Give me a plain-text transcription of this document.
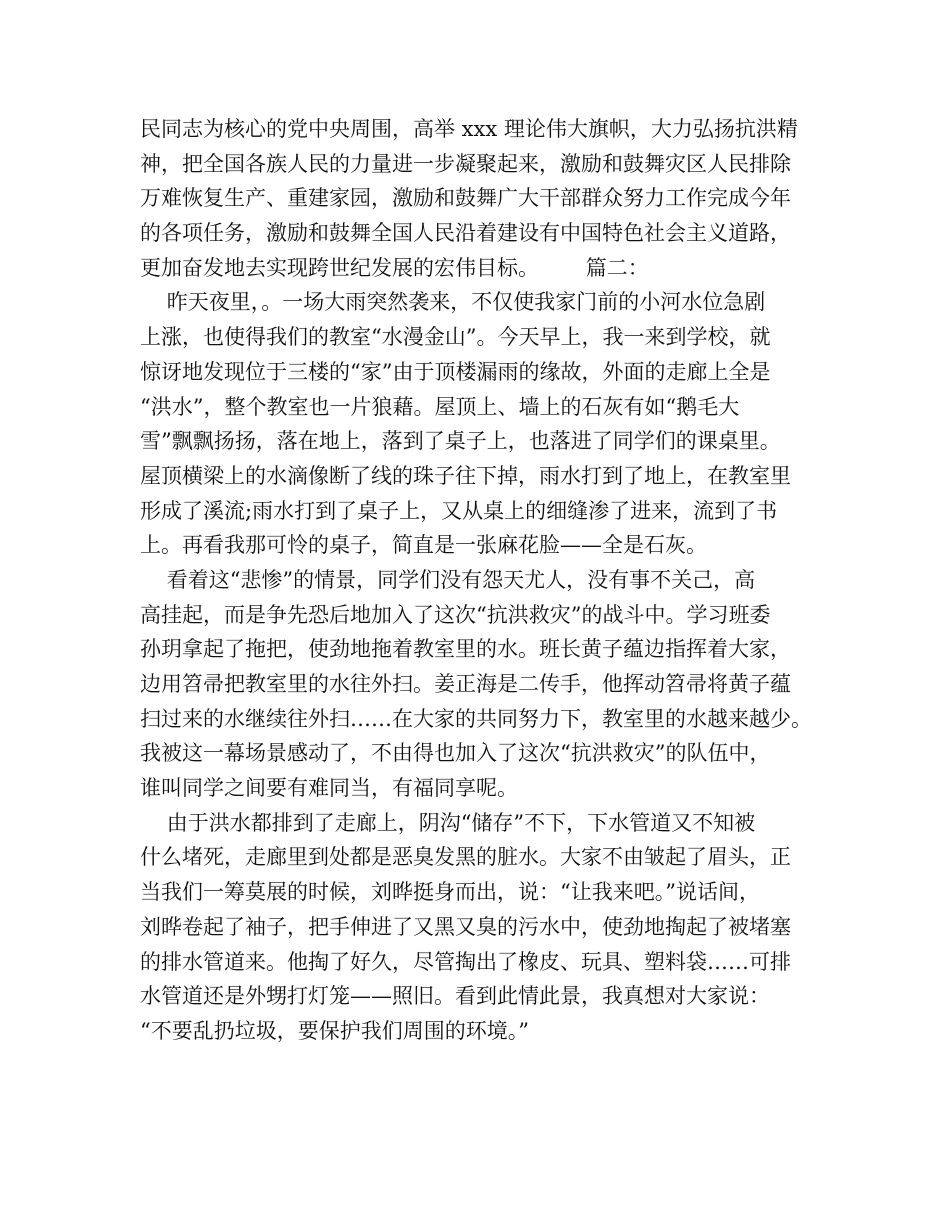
民同志为核心的党中央周围，高举 xxx 理论伟大旗帜，大力弘扬抗洪精
神，把全国各族人民的力量进一步凝聚起来，激励和鼓舞灾区人民排除
万难恢复生产、重建家园，激励和鼓舞广大干部群众努力工作完成今年
的各项任务，激励和鼓舞全国人民沿着建设有中国特色社会主义道路，
更加奋发地去实现跨世纪发展的宏伟目标。       篇二：
昨天夜里，。一场大雨突然袭来，不仅使我家门前的小河水位急剧
上涨，也使得我们的教室“水漫金山”。今天早上，我一来到学校，就
惊讶地发现位于三楼的“家”由于顶楼漏雨的缘故，外面的走廊上全是
“洪水”，整个教室也一片狼藉。屋顶上、墙上的石灰有如“鹅毛大
雪”飘飘扬扬，落在地上，落到了桌子上，也落进了同学们的课桌里。
屋顶横梁上的水滴像断了线的珠子往下掉，雨水打到了地上，在教室里
形成了溪流;雨水打到了桌子上，又从桌上的细缝渗了进来，流到了书
上。再看我那可怜的桌子，简直是一张麻花脸——全是石灰。
看着这“悲惨”的情景，同学们没有怨天尤人，没有事不关己，高
高挂起，而是争先恐后地加入了这次“抗洪救灾”的战斗中。学习班委
孙玥拿起了拖把，使劲地拖着教室里的水。班长黄子蕴边指挥着大家，
边用笤帚把教室里的水往外扫。姜正海是二传手，他挥动笤帚将黄子蕴
扫过来的水继续往外扫……在大家的共同努力下，教室里的水越来越少。
我被这一幕场景感动了，不由得也加入了这次“抗洪救灾”的队伍中，
谁叫同学之间要有难同当，有福同享呢。
由于洪水都排到了走廊上，阴沟“储存”不下，下水管道又不知被
什么堵死，走廊里到处都是恶臭发黑的脏水。大家不由皱起了眉头，正
当我们一筹莫展的时候，刘晔挺身而出，说：“让我来吧。”说话间，
刘晔卷起了袖子，把手伸进了又黑又臭的污水中，使劲地掏起了被堵塞
的排水管道来。他掏了好久，尽管掏出了橡皮、玩具、塑料袋……可排
水管道还是外甥打灯笼——照旧。看到此情此景，我真想对大家说：
“不要乱扔垃圾，要保护我们周围的环境。”
